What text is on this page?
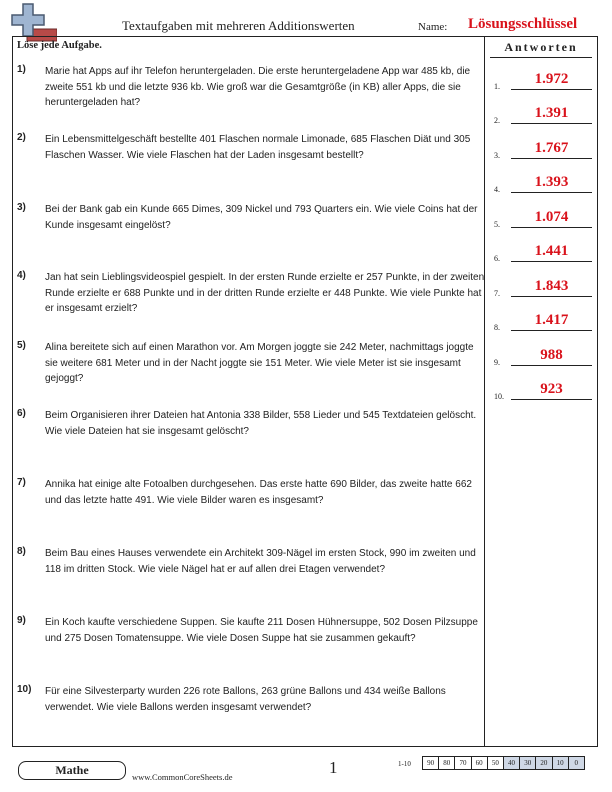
Textaufgaben mit mehreren Additionswerten	Name: Lösungsschlüssel
Löse jede Aufgabe.	Antworten
1) Marie hat Apps auf ihr Telefon heruntergeladen. Die erste heruntergeladene App war 485 kb, die zweite 551 kb und die letzte 936 kb. Wie groß war die Gesamtgröße (in KB) aller Apps, die sie heruntergeladen hat?
2) Ein Lebensmittelgeschäft bestellte 401 Flaschen normale Limonade, 685 Flaschen Diät und 305 Flaschen Wasser. Wie viele Flaschen hat der Laden insgesamt bestellt?
3) Bei der Bank gab ein Kunde 665 Dimes, 309 Nickel und 793 Quarters ein. Wie viele Coins hat der Kunde insgesamt eingelöst?
4) Jan hat sein Lieblingsvideospiel gespielt. In der ersten Runde erzielte er 257 Punkte, in der zweiten Runde erzielte er 688 Punkte und in der dritten Runde erzielte er 448 Punkte. Wie viele Punkte hat er insgesamt erzielt?
5) Alina bereitete sich auf einen Marathon vor. Am Morgen joggte sie 242 Meter, nachmittags joggte sie weitere 681 Meter und in der Nacht joggte sie 151 Meter. Wie viele Meter ist sie insgesamt gejoggt?
6) Beim Organisieren ihrer Dateien hat Antonia 338 Bilder, 558 Lieder und 545 Textdateien gelöscht. Wie viele Dateien hat sie insgesamt gelöscht?
7) Annika hat einige alte Fotoalben durchgesehen. Das erste hatte 690 Bilder, das zweite hatte 662 und das letzte hatte 491. Wie viele Bilder waren es insgesamt?
8) Beim Bau eines Hauses verwendete ein Architekt 309-Nägel im ersten Stock, 990 im zweiten und 118 im dritten Stock. Wie viele Nägel hat er auf allen drei Etagen verwendet?
9) Ein Koch kaufte verschiedene Suppen. Sie kaufte 211 Dosen Hühnersuppe, 502 Dosen Pilzsuppe und 275 Dosen Tomatensuppe. Wie viele Dosen Suppe hat sie zusammen gekauft?
10) Für eine Silvesterparty wurden 226 rote Ballons, 263 grüne Ballons und 434 weiße Ballons verwendet. Wie viele Ballons werden insgesamt verwendet?
1.	1.972
2.	1.391
3.	1.767
4.	1.393
5.	1.074
6.	1.441
7.	1.843
8.	1.417
9.	988
10.	923
Mathe	www.CommonCoreSheets.de	1	1-10	90	80	70	60	50	40	30	20	10	0
